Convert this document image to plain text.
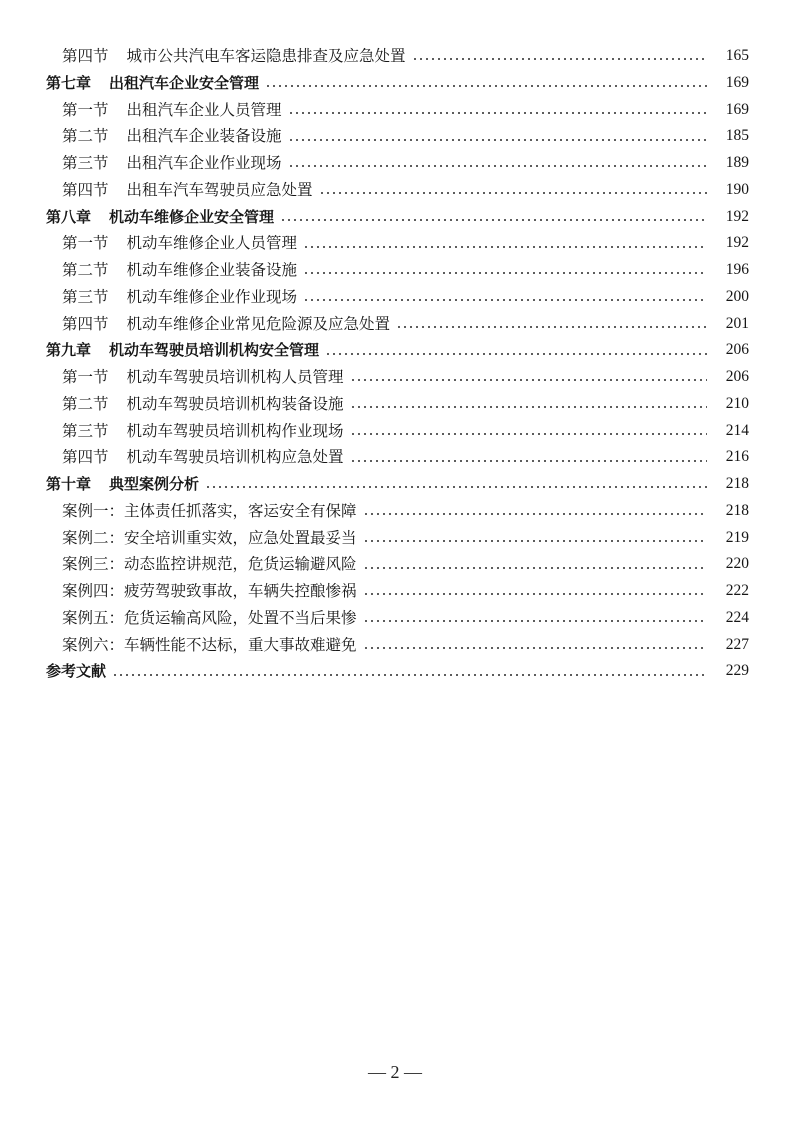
第四节 城市公共汽电车客运隐患排查及应急处置	165
第七章 出租汽车企业安全管理	169
第一节 出租汽车企业人员管理	169
第二节 出租汽车企业装备设施	185
第三节 出租汽车企业作业现场	189
第四节 出租车汽车驾驶员应急处置	190
第八章 机动车维修企业安全管理	192
第一节 机动车维修企业人员管理	192
第二节 机动车维修企业装备设施	196
第三节 机动车维修企业作业现场	200
第四节 机动车维修企业常见危险源及应急处置	201
第九章 机动车驾驶员培训机构安全管理	206
第一节 机动车驾驶员培训机构人员管理	206
第二节 机动车驾驶员培训机构装备设施	210
第三节 机动车驾驶员培训机构作业现场	214
第四节 机动车驾驶员培训机构应急处置	216
第十章 典型案例分析	218
案例一： 主体责任抓落实，客运安全有保障	218
案例二： 安全培训重实效，应急处置最妥当	219
案例三： 动态监控讲规范，危货运输避风险	220
案例四： 疲劳驾驶致事故，车辆失控酿惨祸	222
案例五： 危货运输高风险，处置不当后果惨	224
案例六： 车辆性能不达标，重大事故难避免	227
参考文献	229
— 2 —
